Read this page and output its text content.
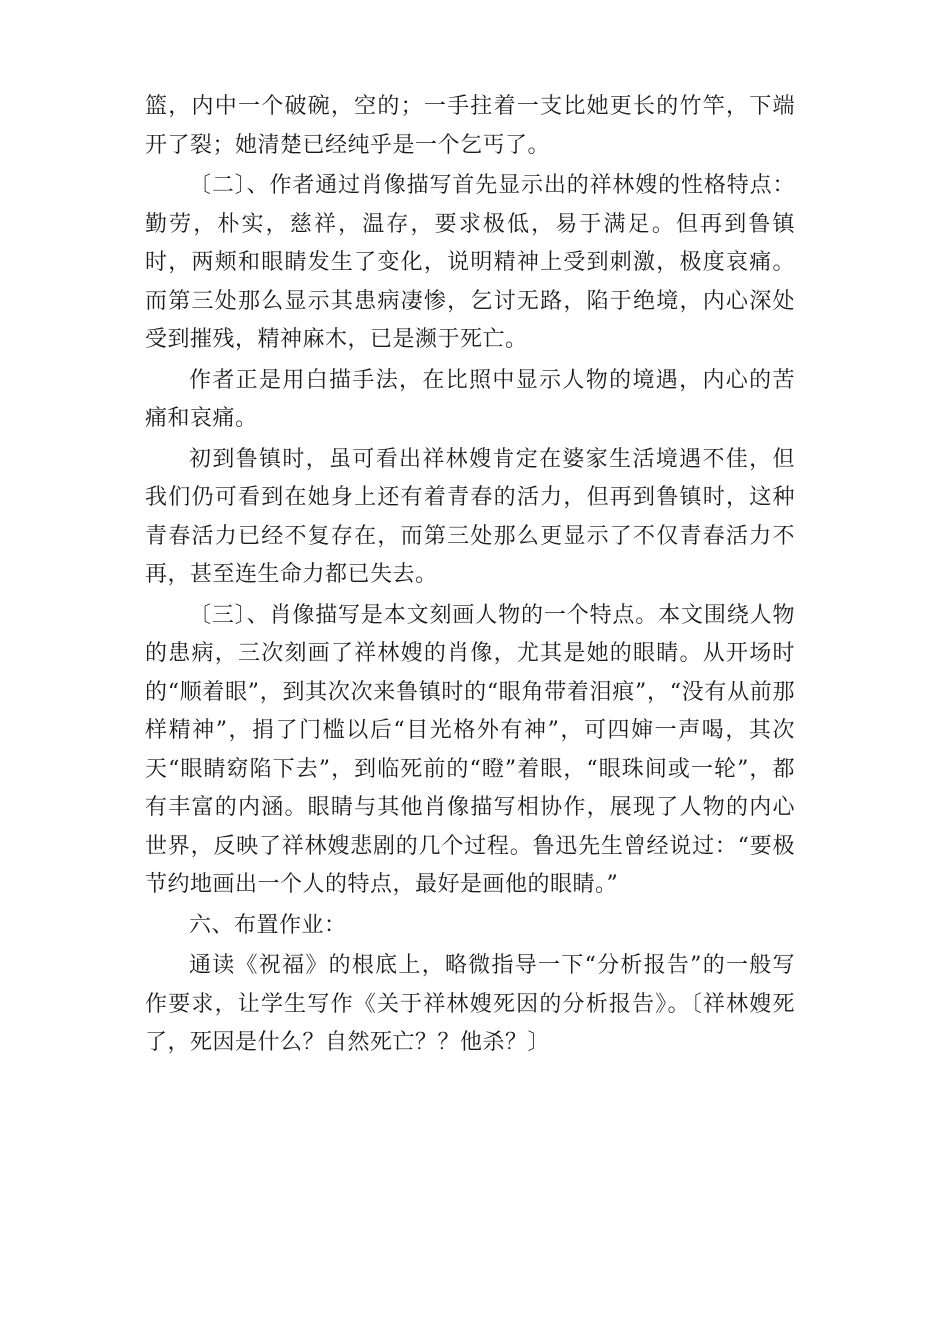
篮，内中一个破碗，空的；一手拄着一支比她更长的竹竿，下端开了裂；她清楚已经纯乎是一个乞丐了。

〔二〕、作者通过肖像描写首先显示出的祥林嫂的性格特点：勤劳，朴实，慈祥，温存，要求极低，易于满足。但再到鲁镇时，两颊和眼睛发生了变化，说明精神上受到刺激，极度哀痛。而第三处那么显示其患病凄惨，乞讨无路，陷于绝境，内心深处受到摧残，精神麻木，已是濒于死亡。

作者正是用白描手法，在比照中显示人物的境遇，内心的苦痛和哀痛。

初到鲁镇时，虽可看出祥林嫂肯定在婆家生活境遇不佳，但我们仍可看到在她身上还有着青春的活力，但再到鲁镇时，这种青春活力已经不复存在，而第三处那么更显示了不仅青春活力不再，甚至连生命力都已失去。

〔三〕、肖像描写是本文刻画人物的一个特点。本文围绕人物的患病，三次刻画了祥林嫂的肖像，尤其是她的眼睛。从开场时的“顺着眼”，到其次次来鲁镇时的“眼角带着泪痕”，“没有从前那样精神”，捐了门槛以后“目光格外有神”，可四婶一声喝，其次天“眼睛窈陷下去”，到临死前的“瞪”着眼，“眼珠间或一轮”，都有丰富的内涵。眼睛与其他肖像描写相协作，展现了人物的内心世界，反映了祥林嫂悲剧的几个过程。鲁迅先生曾经说过：“要极节约地画出一个人的特点，最好是画他的眼睛。”

六、布置作业：

通读《祝福》的根底上，略微指导一下“分析报告”的一般写作要求，让学生写作《关于祥林嫂死因的分析报告》。〔祥林嫂死了，死因是什么？自然死亡？？他杀？〕
